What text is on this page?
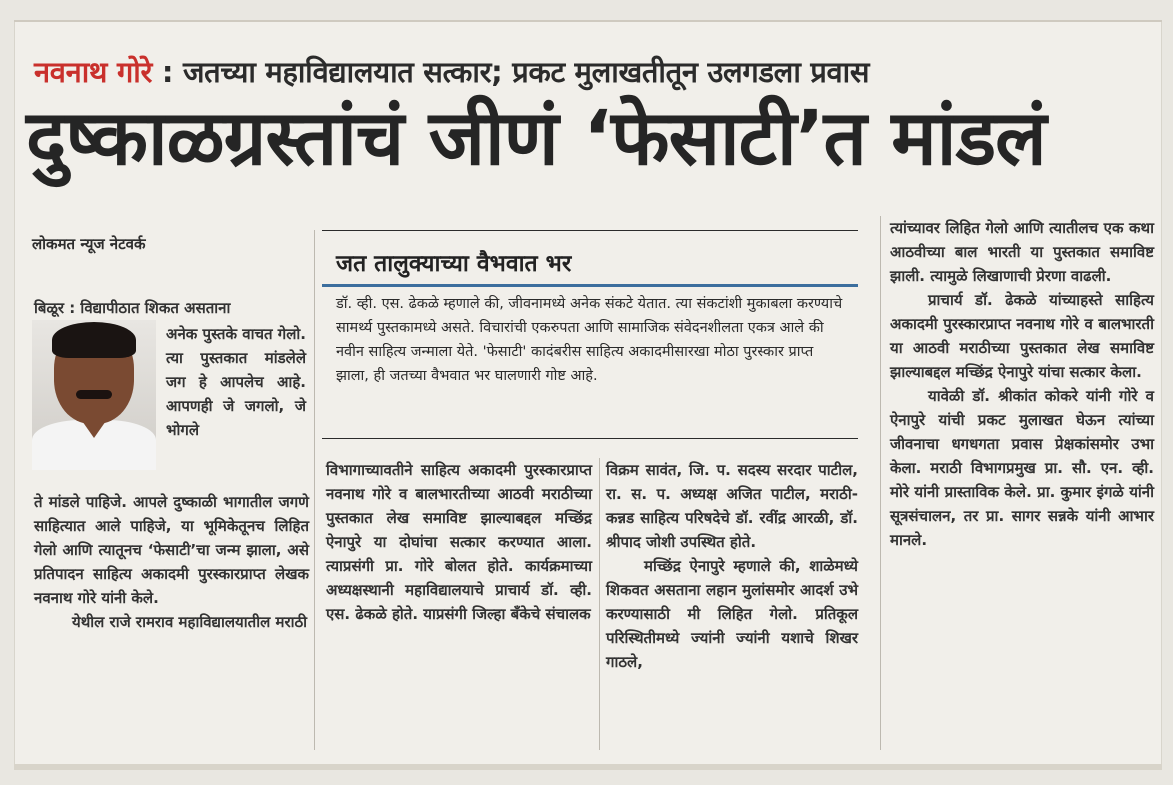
नवनाथ गोरे : जतच्या महाविद्यालयात सत्कार; प्रकट मुलाखतीतून उलगडला प्रवास
दुष्काळग्रस्तांचं जीणं ‘फेसाटी’त मांडलं
लोकमत न्यूज नेटवर्क
बिळूर : विद्यापीठात शिकत असताना
अनेक पुस्तके वाचत गेलो. त्या पुस्तकात मांडलेले जग हे आपलेच आहे. आपणही जे जगलो, जे भोगले

ते मांडले पाहिजे. आपले दुष्काळी भागातील जगणे साहित्यात आले पाहिजे, या भूमिकेतूनच लिहित गेलो आणि त्यातूनच ‘फेसाटी’चा जन्म झाला, असे प्रतिपादन साहित्य अकादमी पुरस्कारप्राप्त लेखक नवनाथ गोरे यांनी केले.

येथील राजे रामराव महाविद्यालयातील मराठी

जत तालुक्याच्या वैभवात भर

डॉ. व्ही. एस. ढेकळे म्हणाले की, जीवनामध्ये अनेक संकटे येतात. त्या संकटांशी मुकाबला करण्याचे सामर्थ्य पुस्तकामध्ये असते. विचारांची एकरुपता आणि सामाजिक संवेदनशीलता एकत्र आले की नवीन साहित्य जन्माला येते. 'फेसाटी' कादंबरीस साहित्य अकादमीसारखा मोठा पुरस्कार प्राप्त झाला, ही जतच्या वैभवात भर घालणारी गोष्ट आहे.

विभागाच्यावतीने साहित्य अकादमी पुरस्कारप्राप्त नवनाथ गोरे व बालभारतीच्या आठवी मराठीच्या पुस्तकात लेख समाविष्ट झाल्याबद्दल मच्छिंद्र ऐनापुरे या दोघांचा सत्कार करण्यात आला. त्याप्रसंगी प्रा. गोरे बोलत होते. कार्यक्रमाच्या अध्यक्षस्थानी महाविद्यालयाचे प्राचार्य डॉ. व्ही. एस. ढेकळे होते. याप्रसंगी जिल्हा बँकेचे संचालक

विक्रम सावंत, जि. प. सदस्य सरदार पाटील, रा. स. प. अध्यक्ष अजित पाटील, मराठी-कन्नड साहित्य परिषदेचे डॉ. रवींद्र आरळी, डॉ. श्रीपाद जोशी उपस्थित होते.

मच्छिंद्र ऐनापुरे म्हणाले की, शाळेमध्ये शिकवत असताना लहान मुलांसमोर आदर्श उभे करण्यासाठी मी लिहित गेलो. प्रतिकूल परिस्थितीमध्ये ज्यांनी ज्यांनी यशाचे शिखर गाठले,

त्यांच्यावर लिहित गेलो आणि त्यातीलच एक कथा आठवीच्या बाल भारती या पुस्तकात समाविष्ट झाली. त्यामुळे लिखाणाची प्रेरणा वाढली.

प्राचार्य डॉ. ढेकळे यांच्याहस्ते साहित्य अकादमी पुरस्कारप्राप्त नवनाथ गोरे व बालभारती या आठवी मराठीच्या पुस्तकात लेख समाविष्ट झाल्याबद्दल मच्छिंद्र ऐनापुरे यांचा सत्कार केला.

यावेळी डॉ. श्रीकांत कोकरे यांनी गोरे व ऐनापुरे यांची प्रकट मुलाखत घेऊन त्यांच्या जीवनाचा धगधगता प्रवास प्रेक्षकांसमोर उभा केला. मराठी विभागप्रमुख प्रा. सौ. एन. व्ही. मोरे यांनी प्रास्ताविक केले. प्रा. कुमार इंगळे यांनी सूत्रसंचालन, तर प्रा. सागर सन्नके यांनी आभार मानले.
